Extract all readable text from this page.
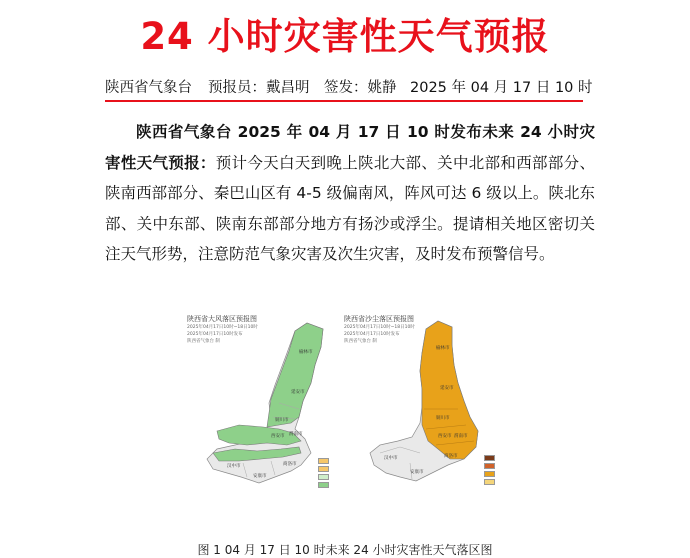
24 小时灾害性天气预报
陕西省气象台 预报员：戴昌明 签发：姚静 2025 年 04 月 17 日 10 时
陕西省气象台 2025 年 04 月 17 日 10 时发布未来 24 小时灾害性天气预报：预计今天白天到晚上陕北大部、关中北部和西部部分、陕南西部部分、秦巴山区有 4-5 级偏南风，阵风可达 6 级以上。陕北东部、关中东部、陕南东部部分地方有扬沙或浮尘。提请相关地区密切关注天气形势，注意防范气象灾害及次生灾害，及时发布预警信号。
榆林市
延安市
铜川市
西安市 渭南市
汉中市
安康市
商洛市
陕西省大风落区预报图
2025年04月17日10时~18日10时
2025年04月17日10时发布
陕西省气象台 制
榆林市
延安市
铜川市
西安市 渭南市
汉中市
安康市
商洛市
陕西省沙尘落区预报图
2025年04月17日10时~18日10时
2025年04月17日10时发布
陕西省气象台 制
图 1 04 月 17 日 10 时未来 24 小时灾害性天气落区图
